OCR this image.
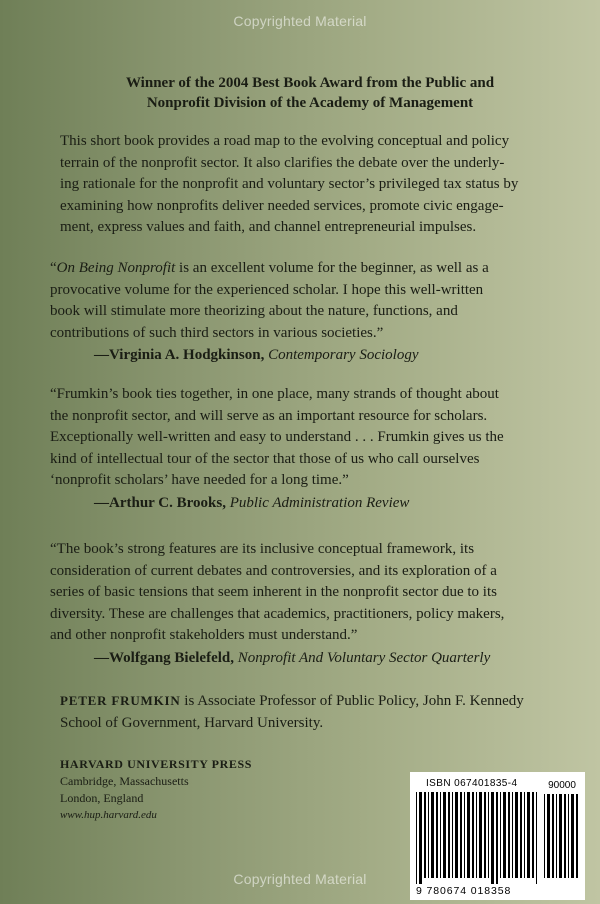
Copyrighted Material
Winner of the 2004 Best Book Award from the Public and
Nonprofit Division of the Academy of Management
This short book provides a road map to the evolving conceptual and policy
terrain of the nonprofit sector. It also clarifies the debate over the underly-
ing rationale for the nonprofit and voluntary sector’s privileged tax status by
examining how nonprofits deliver needed services, promote civic engage-
ment, express values and faith, and channel entrepreneurial impulses.
“On Being Nonprofit is an excellent volume for the beginner, as well as a
provocative volume for the experienced scholar. I hope this well-written
book will stimulate more theorizing about the nature, functions, and
contributions of such third sectors in various societies.”
—Virginia A. Hodgkinson, Contemporary Sociology
“Frumkin’s book ties together, in one place, many strands of thought about
the nonprofit sector, and will serve as an important resource for scholars.
Exceptionally well-written and easy to understand . . . Frumkin gives us the
kind of intellectual tour of the sector that those of us who call ourselves
‘nonprofit scholars’ have needed for a long time.”
—Arthur C. Brooks, Public Administration Review
“The book’s strong features are its inclusive conceptual framework, its
consideration of current debates and controversies, and its exploration of a
series of basic tensions that seem inherent in the nonprofit sector due to its
diversity. These are challenges that academics, practitioners, policy makers,
and other nonprofit stakeholders must understand.”
—Wolfgang Bielefeld, Nonprofit And Voluntary Sector Quarterly
PETER FRUMKIN is Associate Professor of Public Policy, John F. Kennedy
School of Government, Harvard University.
HARVARD UNIVERSITY PRESS
Cambridge, Massachusetts
London, England
www.hup.harvard.edu
ISBN 067401835-4	90000
9 780674 018358
Copyrighted Material
